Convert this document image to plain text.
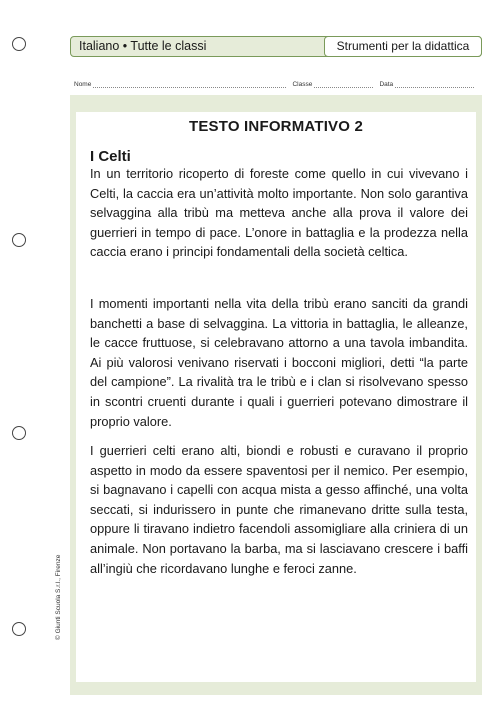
Italiano • Tutte le classi	Strumenti per la didattica
Nome	Classe	Data
TESTO INFORMATIVO 2
I Celti

In un territorio ricoperto di foreste come quello in cui vivevano i Celti, la caccia era un’attività molto importante. Non solo garantiva selvaggina alla tribù ma metteva anche alla prova il valore dei guerrieri in tempo di pace. L’onore in battaglia e la prodezza nella caccia erano i principi fondamentali della società celtica.

I momenti importanti nella vita della tribù erano sanciti da grandi banchetti a base di selvaggina. La vittoria in battaglia, le alleanze, le cacce fruttuose, si celebravano attorno a una tavola imbandita. Ai più valorosi venivano riservati i bocconi migliori, detti “la parte del campione”. La rivalità tra le tribù e i clan si risolvevano spesso in scontri cruenti durante i quali i guerrieri potevano dimostrare il proprio valore.

I guerrieri celti erano alti, biondi e robusti e curavano il proprio aspetto in modo da essere spaventosi per il nemico. Per esempio, si bagnavano i capelli con acqua mista a gesso affinché, una volta seccati, si indurissero in punte che rimanevano dritte sulla testa, oppure li tiravano indietro facendoli assomigliare alla criniera di un animale. Non portavano la barba, ma si lasciavano crescere i baffi all’ingiù che ricordavano lunghe e feroci zanne.

© Giunti Scuola S.r.l., Firenze
